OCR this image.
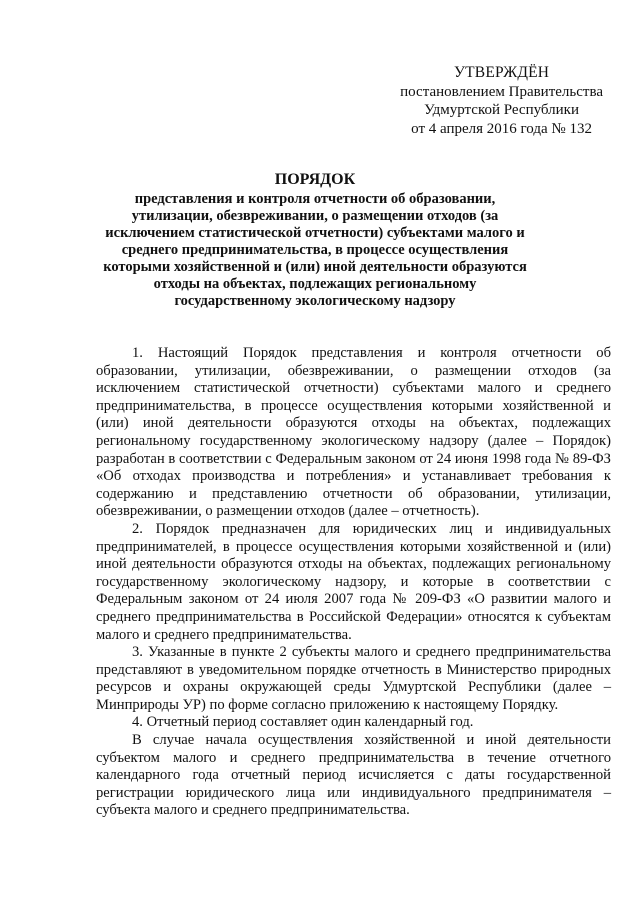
УТВЕРЖДЁН
постановлением Правительства
Удмуртской Республики
от 4 апреля 2016 года № 132
ПОРЯДОК
представления и контроля отчетности об образовании, утилизации, обезвреживании, о размещении отходов (за исключением статистической отчетности) субъектами малого и среднего предпринимательства, в процессе осуществления которыми хозяйственной и (или) иной деятельности образуются отходы на объектах, подлежащих региональному государственному экологическому надзору

1. Настоящий Порядок представления и контроля отчетности об образовании, утилизации, обезвреживании, о размещении отходов (за исключением статистической отчетности) субъектами малого и среднего предпринимательства, в процессе осуществления которыми хозяйственной и (или) иной деятельности образуются отходы на объектах, подлежащих региональному государственному экологическому надзору (далее – Порядок) разработан в соответствии с Федеральным законом от 24 июня 1998 года № 89-ФЗ «Об отходах производства и потребления» и устанавливает требования к содержанию и представлению отчетности об образовании, утилизации, обезвреживании, о размещении отходов (далее – отчетность).

2. Порядок предназначен для юридических лиц и индивидуальных предпринимателей, в процессе осуществления которыми хозяйственной и (или) иной деятельности образуются отходы на объектах, подлежащих региональному государственному экологическому надзору, и которые в соответствии с Федеральным законом от 24 июля 2007 года № 209-ФЗ «О развитии малого и среднего предпринимательства в Российской Федерации» относятся к субъектам малого и среднего предпринимательства.

3. Указанные в пункте 2 субъекты малого и среднего предпринимательства представляют в уведомительном порядке отчетность в Министерство природных ресурсов и охраны окружающей среды Удмуртской Республики (далее – Минприроды УР) по форме согласно приложению к настоящему Порядку.

4. Отчетный период составляет один календарный год.

В случае начала осуществления хозяйственной и иной деятельности субъектом малого и среднего предпринимательства в течение отчетного календарного года отчетный период исчисляется с даты государственной регистрации юридического лица или индивидуального предпринимателя – субъекта малого и среднего предпринимательства.
